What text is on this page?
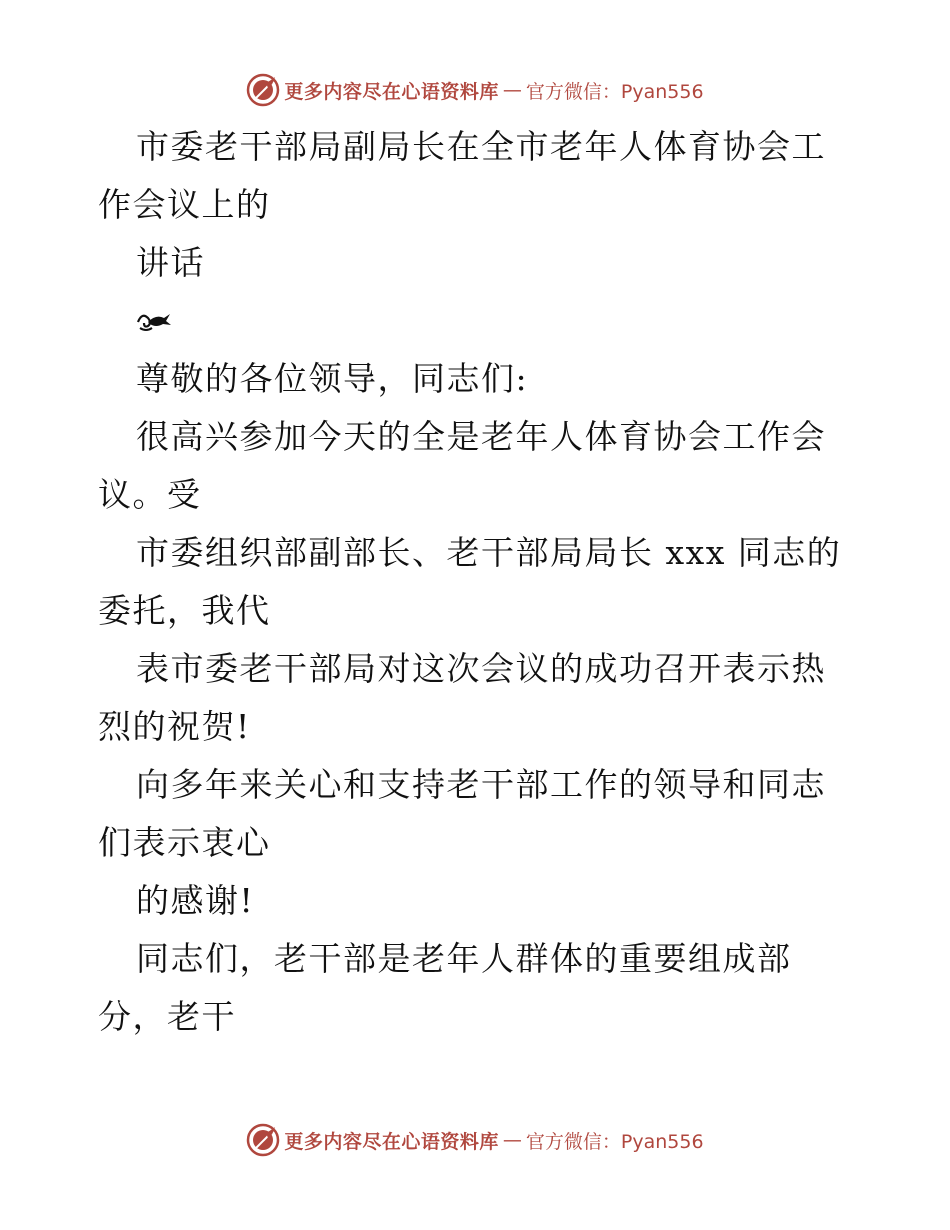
更多内容尽在心语资料库 — 官方微信：Pyan556

市委老干部局副局长在全市老年人体育协会工作会议上的

讲话

尊敬的各位领导，同志们:

很高兴参加今天的全是老年人体育协会工作会议。受

市委组织部副部长、老干部局局长 xxx 同志的委托，我代

表市委老干部局对这次会议的成功召开表示热烈的祝贺!

向多年来关心和支持老干部工作的领导和同志们表示衷心

的感谢!

同志们，老干部是老年人群体的重要组成部分，老干

更多内容尽在心语资料库 — 官方微信：Pyan556
